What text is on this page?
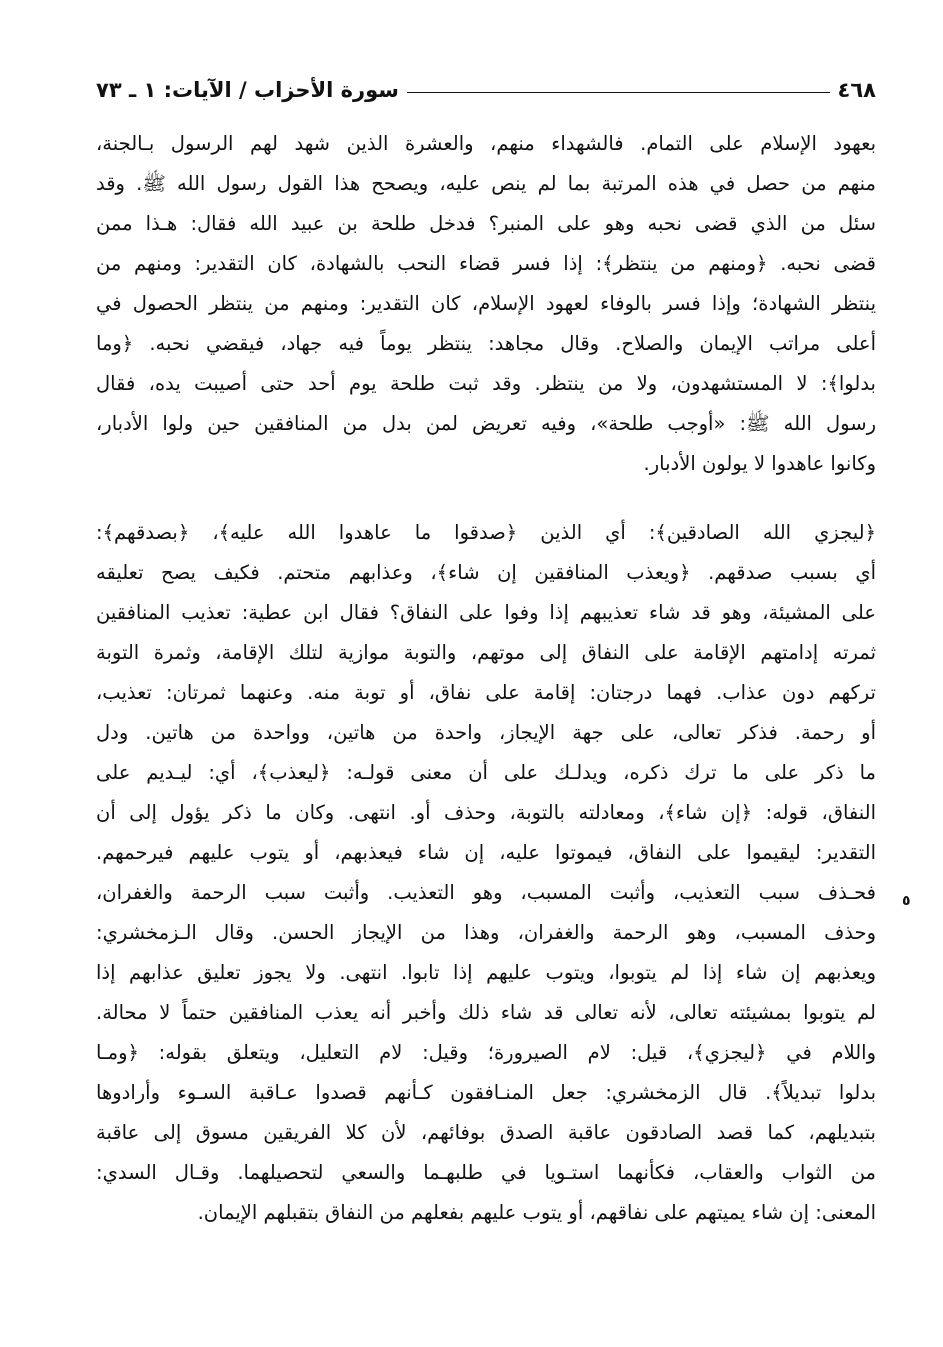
٤٦٨
سورة الأحزاب / الآيات: ١ ـ ٧٣
بعهود الإسلام على التمام. فالشهداء منهم، والعشرة الذين شهد لهم الرسول بـالجنة،
منهم من حصل في هذه المرتبة بما لم ينص عليه، ويصحح هذا القول رسول الله ﷺ. وقد
سئل من الذي قضى نحبه وهو على المنبر؟ فدخل طلحة بن عبيد الله فقال: هـذا ممن
قضى نحبه. ﴿ومنهم من ينتظر﴾: إذا فسر قضاء النحب بالشهادة، كان التقدير: ومنهم من
ينتظر الشهادة؛ وإذا فسر بالوفاء لعهود الإسلام، كان التقدير: ومنهم من ينتظر الحصول في
أعلى مراتب الإيمان والصلاح. وقال مجاهد: ينتظر يوماً فيه جهاد، فيقضي نحبه. ﴿وما
بدلوا﴾: لا المستشهدون، ولا من ينتظر. وقد ثبت طلحة يوم أحد حتى أصيبت يده، فقال
رسول الله ﷺ: «أوجب طلحة»، وفيه تعريض لمن بدل من المنافقين حين ولوا الأدبار،
وكانوا عاهدوا لا يولون الأدبار.
﴿ليجزي الله الصادقين﴾: أي الذين ﴿صدقوا ما عاهدوا الله عليه﴾، ﴿بصدقهم﴾:
أي بسبب صدقهم. ﴿ويعذب المنافقين إن شاء﴾، وعذابهم متحتم. فكيف يصح تعليقه
على المشيئة، وهو قد شاء تعذيبهم إذا وفوا على النفاق؟ فقال ابن عطية: تعذيب المنافقين
ثمرته إدامتهم الإقامة على النفاق إلى موتهم، والتوبة موازية لتلك الإقامة، وثمرة التوبة
تركهم دون عذاب. فهما درجتان: إقامة على نفاق، أو توبة منه. وعنهما ثمرتان: تعذيب،
أو رحمة. فذكر تعالى، على جهة الإيجاز، واحدة من هاتين، وواحدة من هاتين. ودل
ما ذكر على ما ترك ذكره، ويدلـك على أن معنى قولـه: ﴿ليعذب﴾، أي: ليـديم على
النفاق، قوله: ﴿إن شاء﴾، ومعادلته بالتوبة، وحذف أو. انتهى. وكان ما ذكر يؤول إلى أن
التقدير: ليقيموا على النفاق، فيموتوا عليه، إن شاء فيعذبهم، أو يتوب عليهم فيرحمهم.
فحـذف سبب التعذيب، وأثبت المسبب، وهو التعذيب. وأثبت سبب الرحمة والغفران،
وحذف المسبب، وهو الرحمة والغفران، وهذا من الإيجاز الحسن. وقال الـزمخشري:
ويعذبهم إن شاء إذا لم يتوبوا، ويتوب عليهم إذا تابوا. انتهى. ولا يجوز تعليق عذابهم إذا
لم يتوبوا بمشيئته تعالى، لأنه تعالى قد شاء ذلك وأخبر أنه يعذب المنافقين حتماً لا محالة.
واللام في ﴿ليجزي﴾، قيل: لام الصيرورة؛ وقيل: لام التعليل، ويتعلق بقوله: ﴿ومـا
بدلوا تبديلاً﴾. قال الزمخشري: جعل المنـافقون كـأنهم قصدوا عـاقبة السـوء وأرادوها
بتبديلهم، كما قصد الصادقون عاقبة الصدق بوفائهم، لأن كلا الفريقين مسوق إلى عاقبة
من الثواب والعقاب، فكأنهما استـويا في طلبهـما والسعي لتحصيلهما. وقـال السدي:
المعنى: إن شاء يميتهم على نفاقهم، أو يتوب عليهم بفعلهم من النفاق بتقبلهم الإيمان.
٥
